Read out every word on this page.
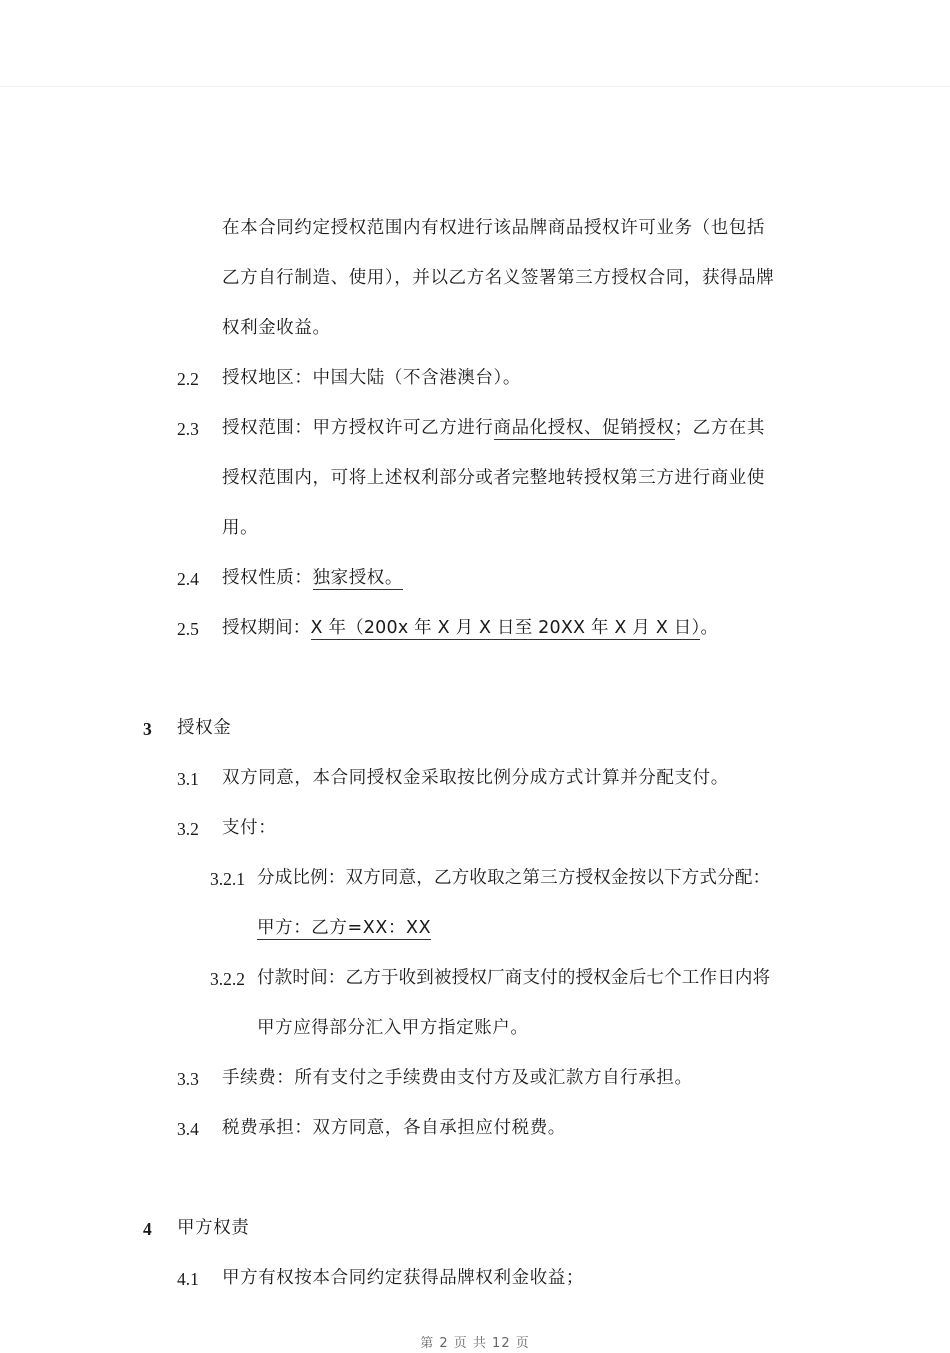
在本合同约定授权范围内有权进行该品牌商品授权许可业务（也包括
乙方自行制造、使用），并以乙方名义签署第三方授权合同，获得品牌
权利金收益。
2.2 授权地区：中国大陆（不含港澳台）。
2.3 授权范围：甲方授权许可乙方进行商品化授权、促销授权；乙方在其
授权范围内，可将上述权利部分或者完整地转授权第三方进行商业使
用。
2.4 授权性质：独家授权。
2.5 授权期间：X 年（200x 年 X 月 X 日至 20XX 年 X 月 X 日）。
3 授权金
3.1 双方同意，本合同授权金采取按比例分成方式计算并分配支付。
3.2 支付：
3.2.1 分成比例：双方同意，乙方收取之第三方授权金按以下方式分配：
甲方：乙方=XX：XX
3.2.2 付款时间：乙方于收到被授权厂商支付的授权金后七个工作日内将
甲方应得部分汇入甲方指定账户。
3.3 手续费：所有支付之手续费由支付方及或汇款方自行承担。
3.4 税费承担：双方同意，各自承担应付税费。
4 甲方权责
4.1 甲方有权按本合同约定获得品牌权利金收益；
第 2 页 共 12 页
